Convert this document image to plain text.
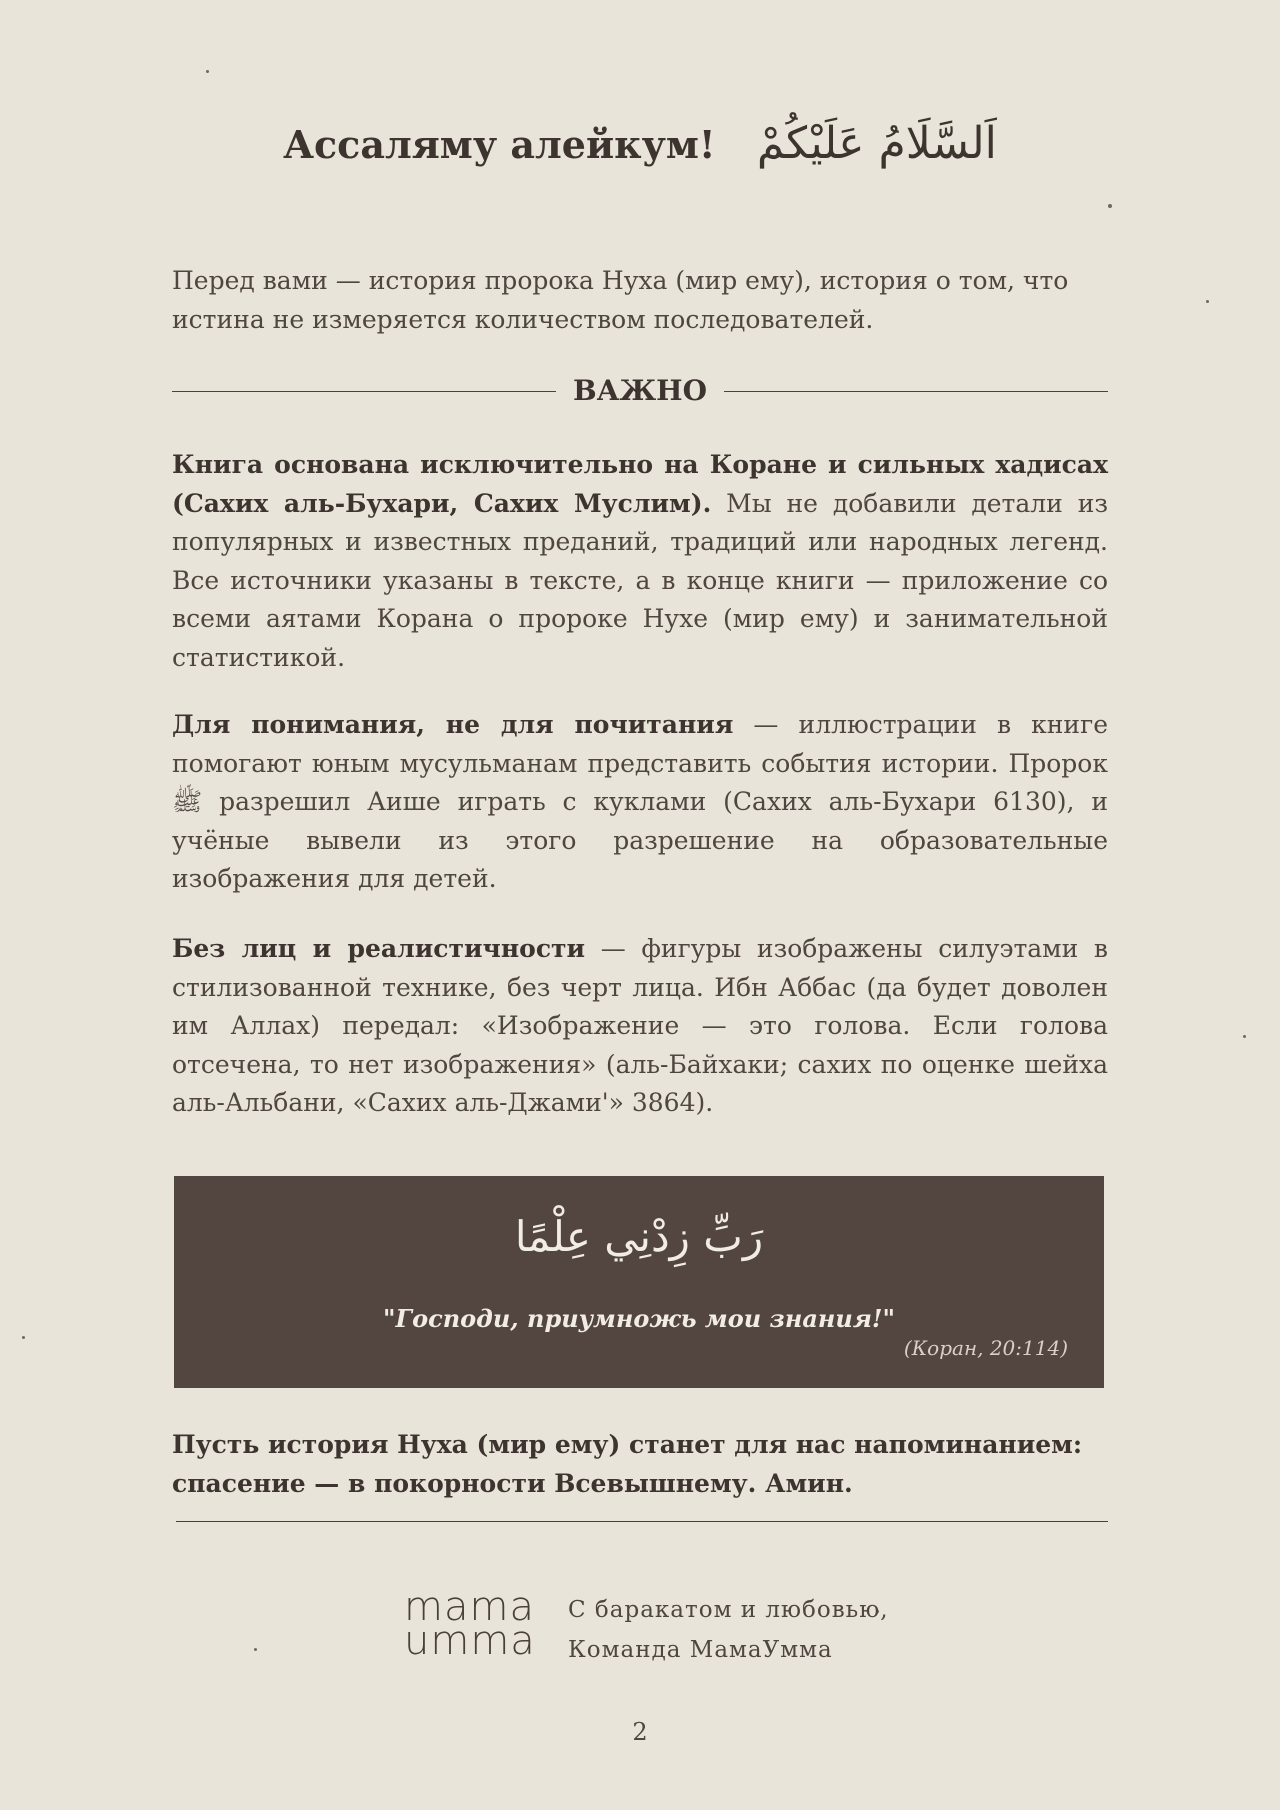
Ассаляму алейкум! اَلسَّلَامُ عَلَيْكُمْ

Перед вами — история пророка Нуха (мир ему), история о том, что истина не измеряется количеством последователей.

ВАЖНО

Книга основана исключительно на Коране и сильных хадисах (Сахих аль-Бухари, Сахих Муслим). Мы не добавили детали из популярных и известных преданий, традиций или народных легенд. Все источники указаны в тексте, а в конце книги — приложение со всеми аятами Корана о пророке Нухе (мир ему) и занимательной статистикой.

Для понимания, не для почитания — иллюстрации в книге помогают юным мусульманам представить события истории. Пророк ﷺ разрешил Аише играть с куклами (Сахих аль-Бухари 6130), и учёные вывели из этого разрешение на образовательные изображения для детей.

Без лиц и реалистичности — фигуры изображены силуэтами в стилизованной технике, без черт лица. Ибн Аббас (да будет доволен им Аллах) передал: «Изображение — это голова. Если голова отсечена, то нет изображения» (аль-Байхаки; сахих по оценке шейха аль-Альбани, «Сахих аль-Джами'» 3864).

رَبِّ زِدْنِي عِلْمًا
"Господи, приумножь мои знания!"
(Коран, 20:114)

Пусть история Нуха (мир ему) станет для нас напоминанием: спасение — в покорности Всевышнему. Амин.

mama
umma
С баракатом и любовью,
Команда МамаУмма
2
